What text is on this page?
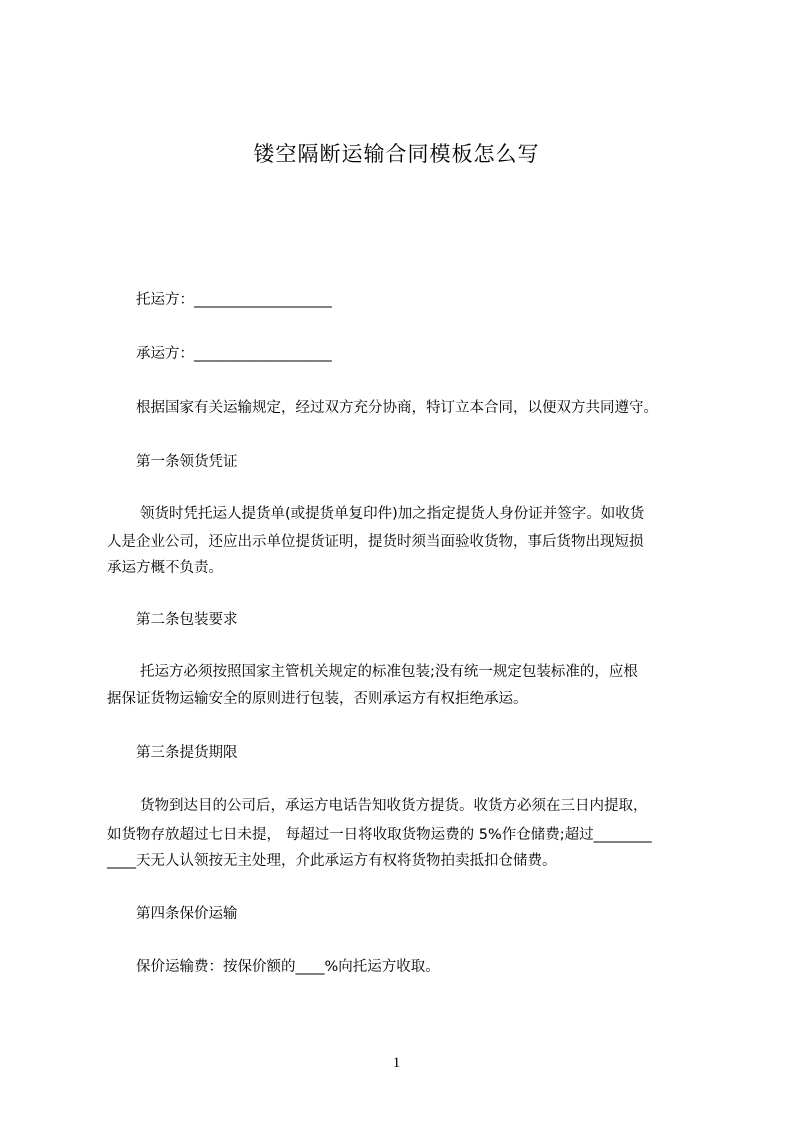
镂空隔断运输合同模板怎么写
托运方：___________________
承运方：___________________
根据国家有关运输规定，经过双方充分协商，特订立本合同，以便双方共同遵守。
第一条领货凭证
领货时凭托运人提货单(或提货单复印件)加之指定提货人身份证并签字。如收货
人是企业公司，还应出示单位提货证明，提货时须当面验收货物，事后货物出现短损
承运方概不负责。
第二条包装要求
托运方必须按照国家主管机关规定的标准包装;没有统一规定包装标准的，应根
据保证货物运输安全的原则进行包装，否则承运方有权拒绝承运。
第三条提货期限
货物到达目的公司后，承运方电话告知收货方提货。收货方必须在三日内提取，
如货物存放超过七日未提， 每超过一日将收取货物运费的 5%作仓储费;超过________
____天无人认领按无主处理，介此承运方有权将货物拍卖抵扣仓储费。
第四条保价运输
保价运输费：按保价额的____%向托运方收取。
1
